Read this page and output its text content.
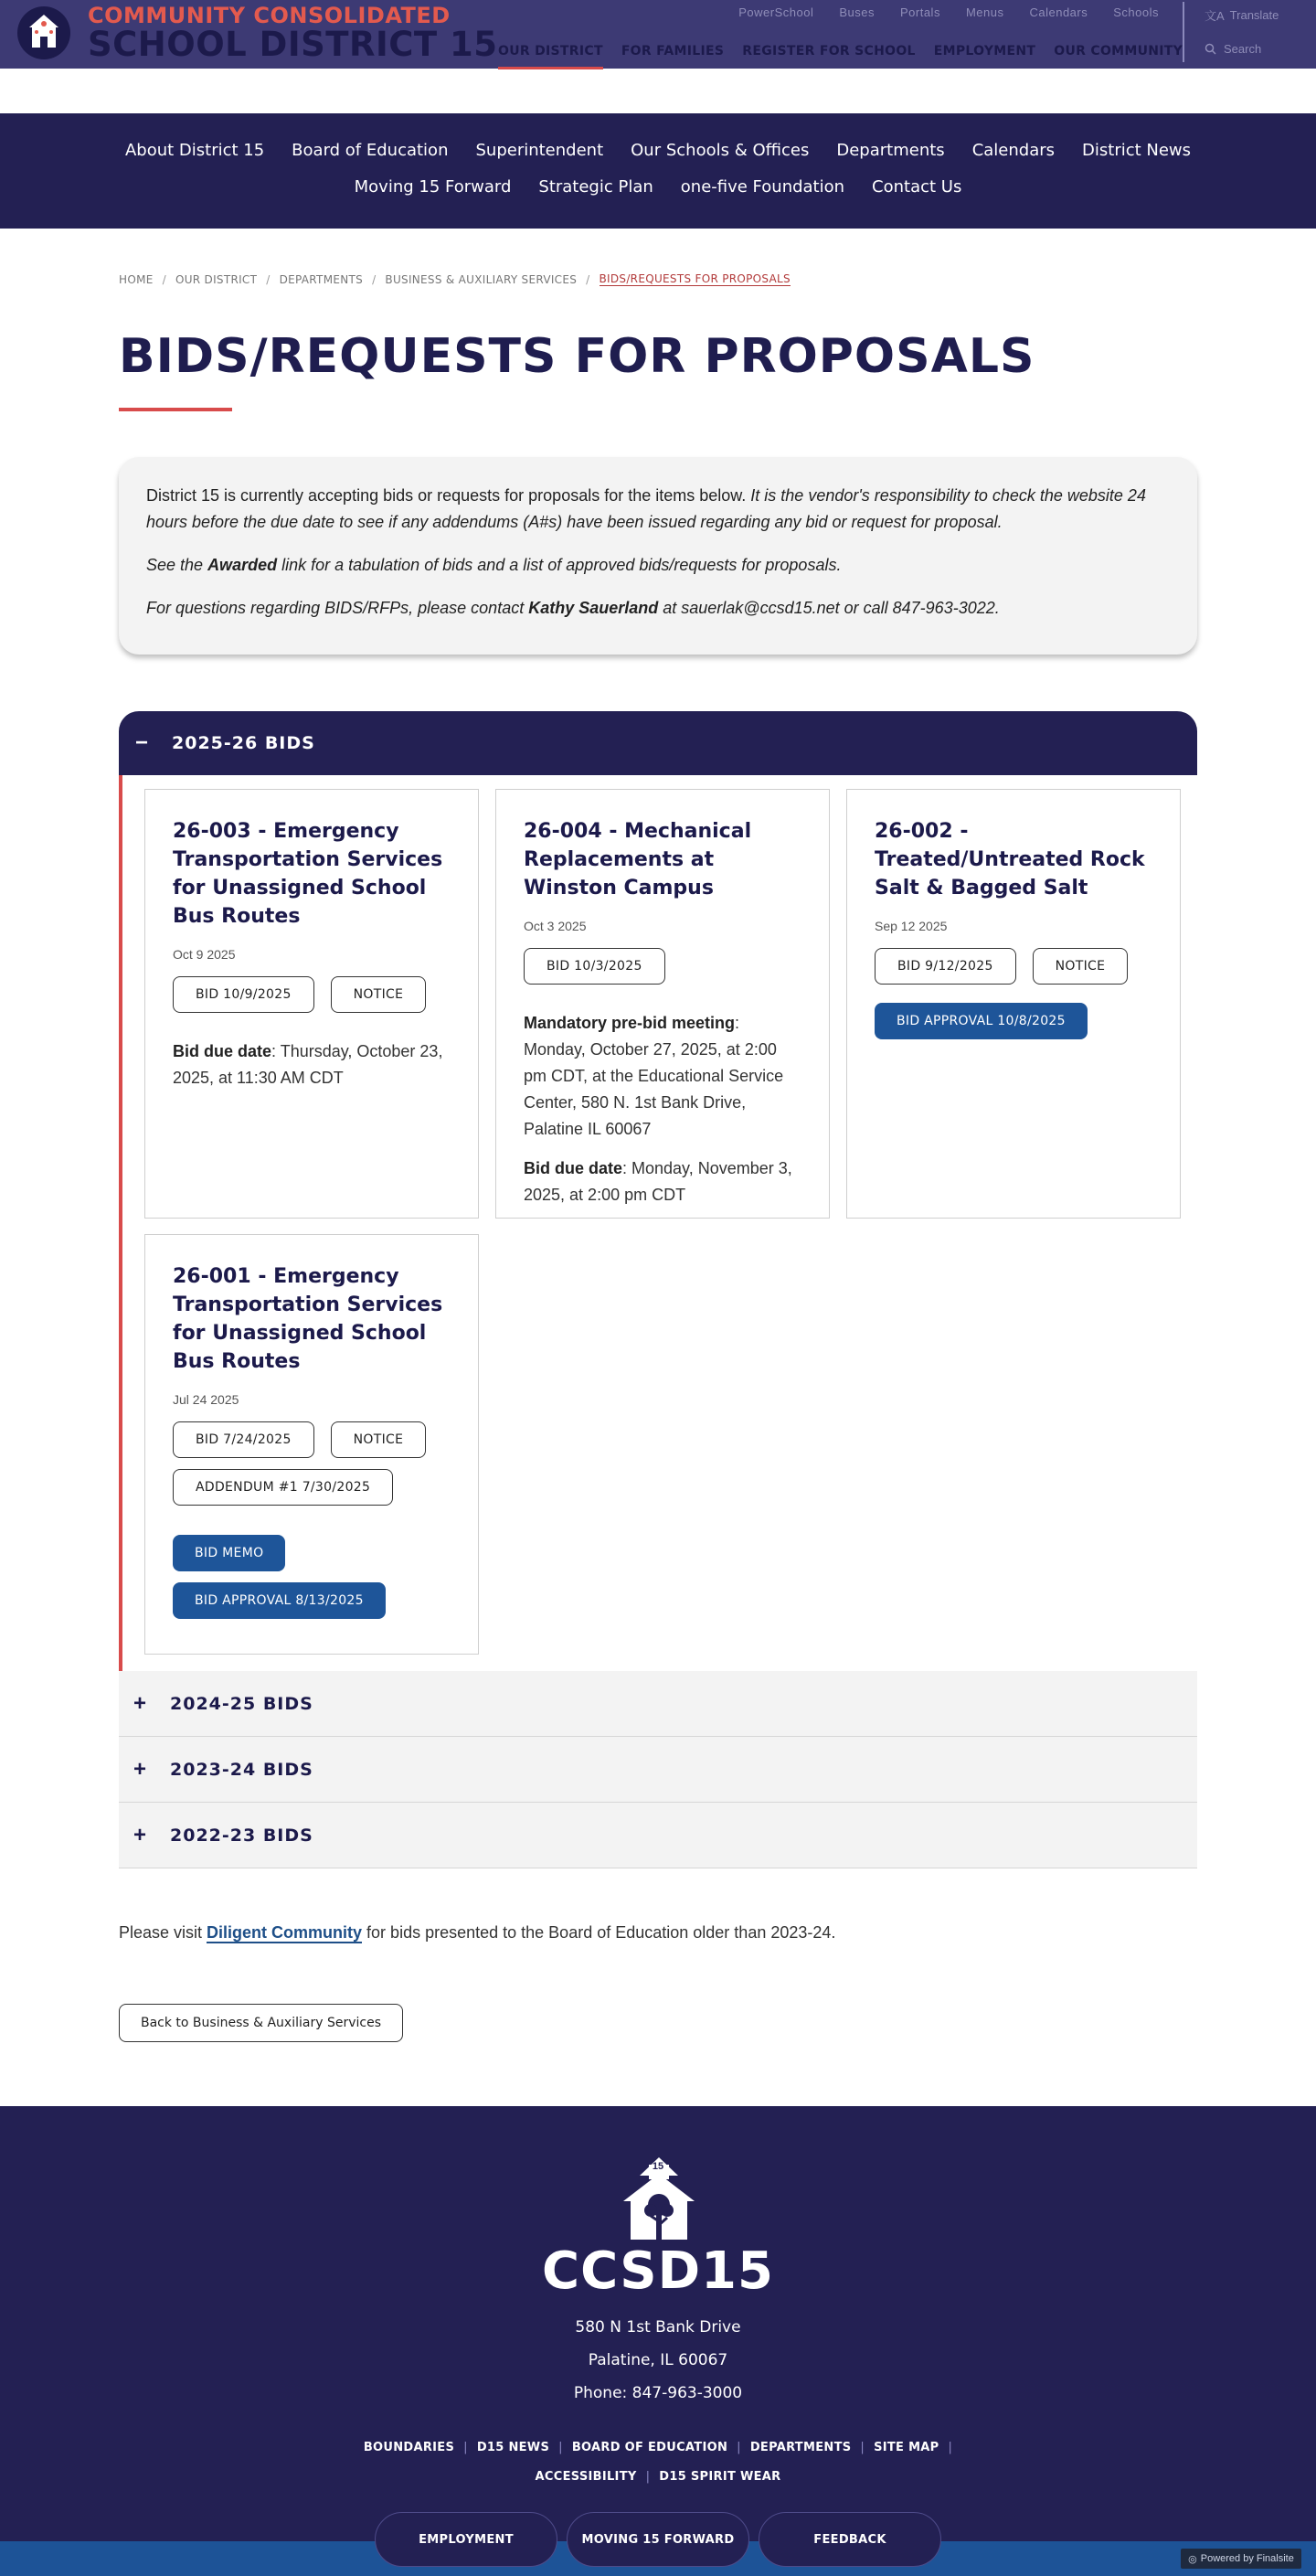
COMMUNITY CONSOLIDATED
SCHOOL DISTRICT 15
PowerSchool Buses Portals Menus Calendars Schools	文A Translate
Search
OUR DISTRICT FOR FAMILIES REGISTER FOR SCHOOL EMPLOYMENT OUR COMMUNITY
About District 15 Board of Education Superintendent Our Schools & Offices Departments Calendars District News
Moving 15 Forward Strategic Plan one-five Foundation Contact Us
HOME / OUR DISTRICT / DEPARTMENTS / BUSINESS & AUXILIARY SERVICES / BIDS/REQUESTS FOR PROPOSALS
BIDS/REQUESTS FOR PROPOSALS

District 15 is currently accepting bids or requests for proposals for the items below. It is the vendor's responsibility to check the website 24 hours before the due date to see if any addendums (A#s) have been issued regarding any bid or request for proposal.

See the Awarded link for a tabulation of bids and a list of approved bids/requests for proposals.

For questions regarding BIDS/RFPs, please contact Kathy Sauerland at sauerlak@ccsd15.net or call 847-963-3022.

−	2025-26 BIDS
26-003 - Emergency Transportation Services for Unassigned School Bus Routes
Oct 9 2025
BID 10/9/2025	NOTICE
Bid due date: Thursday, October 23, 2025, at 11:30 AM CDT
26-004 - Mechanical Replacements at Winston Campus
Oct 3 2025
BID 10/3/2025
Mandatory pre-bid meeting: Monday, October 27, 2025, at 2:00 pm CDT, at the Educational Service Center, 580 N. 1st Bank Drive, Palatine IL 60067
Bid due date: Monday, November 3, 2025, at 2:00 pm CDT
26-002 - Treated/Untreated Rock Salt & Bagged Salt
Sep 12 2025
BID 9/12/2025	NOTICE
BID APPROVAL 10/8/2025
26-001 - Emergency Transportation Services for Unassigned School Bus Routes
Jul 24 2025
BID 7/24/2025	NOTICE
ADDENDUM #1 7/30/2025
BID MEMO
BID APPROVAL 8/13/2025
+	2024-25 BIDS
+	2023-24 BIDS
+	2022-23 BIDS

Please visit Diligent Community for bids presented to the Board of Education older than 2023-24.

Back to Business & Auxiliary Services
15
CCSD15
580 N 1st Bank Drive
Palatine, IL 60067
Phone: 847-963-3000
BOUNDARIES | D15 NEWS | BOARD OF EDUCATION | DEPARTMENTS | SITE MAP |
ACCESSIBILITY | D15 SPIRIT WEAR
EMPLOYMENT	MOVING 15 FORWARD	FEEDBACK
◎ Powered by Finalsite
